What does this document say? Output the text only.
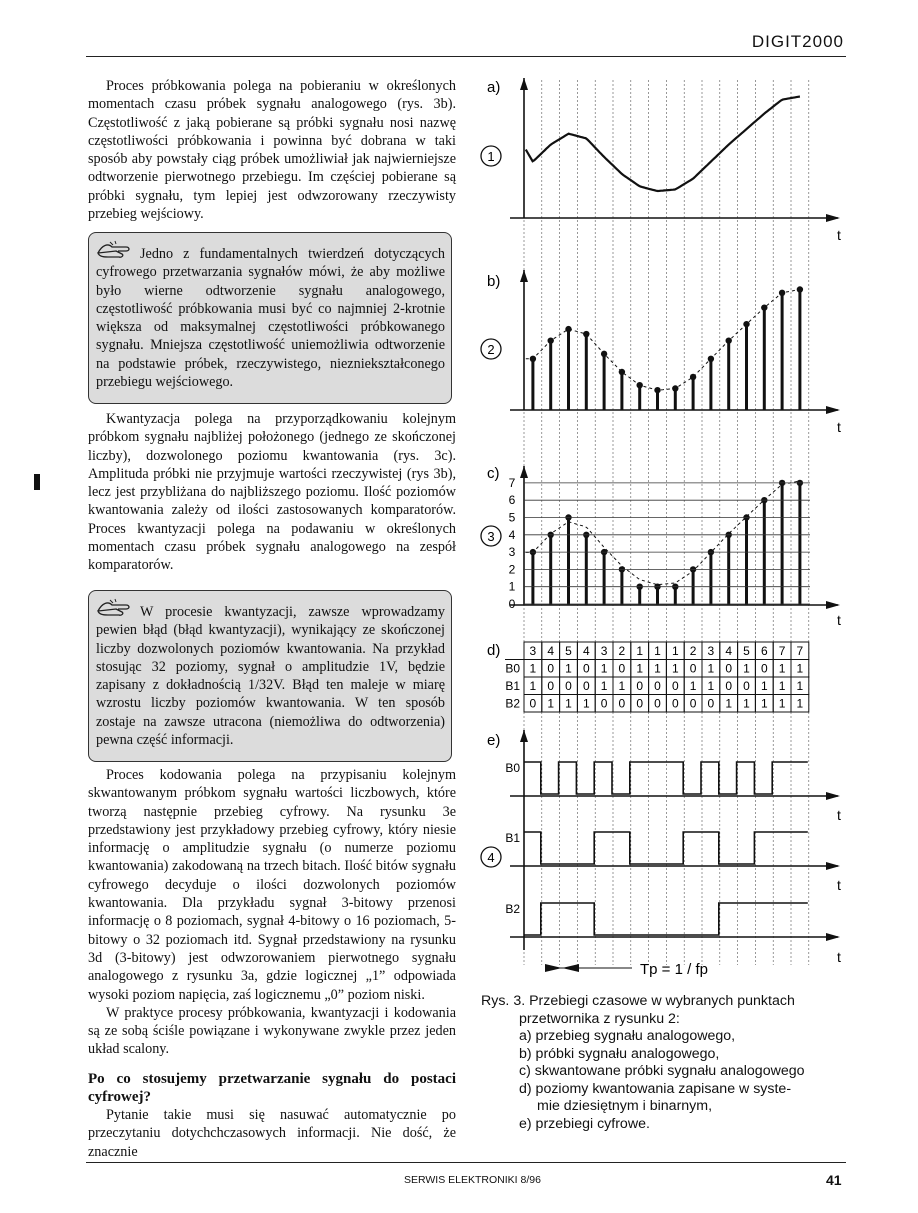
DIGIT2000

Proces próbkowania polega na pobieraniu w określonych momentach czasu próbek sygnału analogowego (rys. 3b). Częstotliwość z jaką pobierane są próbki sygnału nosi nazwę częstotliwości próbkowania i powinna być dobrana w taki sposób aby powstały ciąg próbek umożliwiał jak najwierniejsze odtworzenie pierwotnego przebiegu. Im częściej pobierane są próbki sygnału, tym lepiej jest odwzorowany rzeczywisty przebieg wejściowy.

Jedno z fundamentalnych twierdzeń dotyczących cyfrowego przetwarzania sygnałów mówi, że aby możliwe było wierne odtworzenie sygnału analogowego, częstotliwość próbkowania musi być co najmniej 2-krotnie większa od maksymalnej częstotliwości próbkowanego sygnału. Mniejsza częstotliwość uniemożliwia odtworzenie na podstawie próbek, rzeczywistego, niezniekształconego przebiegu wejściowego.

Kwantyzacja polega na przyporządkowaniu kolejnym próbkom sygnału najbliżej położonego (jednego ze skończonej liczby), dozwolonego poziomu kwantowania (rys. 3c). Amplituda próbki nie przyjmuje wartości rzeczywistej (rys 3b), lecz jest przybliżana do najbliższego poziomu. Ilość poziomów kwantowania zależy od ilości zastosowanych komparatorów. Proces kwantyzacji polega na podawaniu w określonych momentach czasu próbek sygnału analogowego na zespół komparatorów.

W procesie kwantyzacji, zawsze wprowadzamy pewien błąd (błąd kwantyzacji), wynikający ze skończonej liczby dozwolonych poziomów kwantowania. Na przykład stosując 32 poziomy, sygnał o amplitudzie 1V, będzie zapisany z dokładnością 1/32V. Błąd ten maleje w miarę wzrostu liczby poziomów kwantowania. W ten sposób zostaje na zawsze utracona (niemożliwa do odtworzenia) pewna część informacji.

Proces kodowania polega na przypisaniu kolejnym skwantowanym próbkom sygnału wartości liczbowych, które tworzą następnie przebieg cyfrowy. Na rysunku 3e przedstawiony jest przykładowy przebieg cyfrowy, który niesie informację o amplitudzie sygnału (o numerze poziomu kwantowania) zakodowaną na trzech bitach. Ilość bitów sygnału cyfrowego decyduje o ilości dozwolonych poziomów kwantowania. Dla przykładu sygnał 3-bitowy przenosi informację o 8 poziomach, sygnał 4-bitowy o 16 poziomach, 5-bitowy o 32 poziomach itd. Sygnał przedstawiony na rysunku 3d (3-bitowy) jest odwzorowaniem pierwotnego sygnału analogowego z rysunku 3a, gdzie logicznej „1” odpowiada wysoki poziom napięcia, zaś logicznemu „0” poziom niski.

W praktyce procesy próbkowania, kwantyzacji i kodowania są ze sobą ściśle powiązane i wykonywane zwykle przez jeden układ scalony.

Po co stosujemy przetwarzanie sygnału do postaci cyfrowej?

Pytanie takie musi się nasuwać automatycznie po przeczytaniu dotychchczasowych informacji. Nie dość, że znacznie

0
1
2
3
4
5
6
7
3 4 5 4 3 2 1 1 1 2 3 4 5 6 7 7
B0 1 0 1 0 1 0 1 1 1 0 1 0 1 0 1 1
B1 1 0 0 0 1 1 0 0 0 1 1 0 0 1 1 1
B2 0 1 1 1 0 0 0 0 0 0 0 1 1 1 1 1
B0
B1
B2
a)
b)
c)
d)
e)
1
2
3
4
t
t
t
t
t
t
Tp = 1 / fp
Rys. 3. Przebiegi czasowe w wybranych punktach
przetwornika z rysunku 2:
a) przebieg sygnału analogowego,
b) próbki sygnału analogowego,
c) skwantowane próbki sygnału analogowego
d) poziomy kwantowania zapisane w syste-
mie dziesiętnym i binarnym,
e) przebiegi cyfrowe.
SERWIS ELEKTRONIKI 8/96	41
